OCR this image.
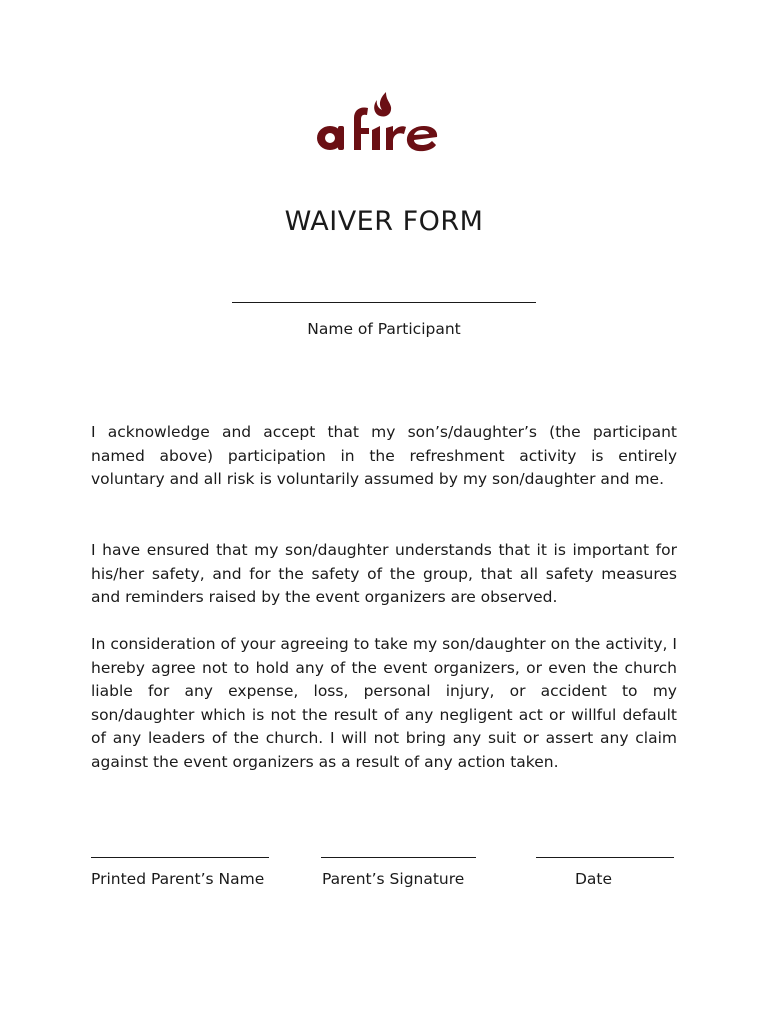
WAIVER FORM
Name of Participant

I acknowledge and accept that my son’s/daughter’s (the participant named above) participation in the refreshment activity is entirely voluntary and all risk is voluntarily assumed by my son/daughter and me.

I have ensured that my son/daughter understands that it is important for his/her safety, and for the safety of the group, that all safety measures and reminders raised by the event organizers are observed.

In consideration of your agreeing to take my son/daughter on the activity, I hereby agree not to hold any of the event organizers, or even the church liable for any expense, loss, personal injury, or accident to my son/daughter which is not the result of any negligent act or willful default of any leaders of the church. I will not bring any suit or assert any claim against the event organizers as a result of any action taken.

Printed Parent’s Name	Parent’s Signature	Date
